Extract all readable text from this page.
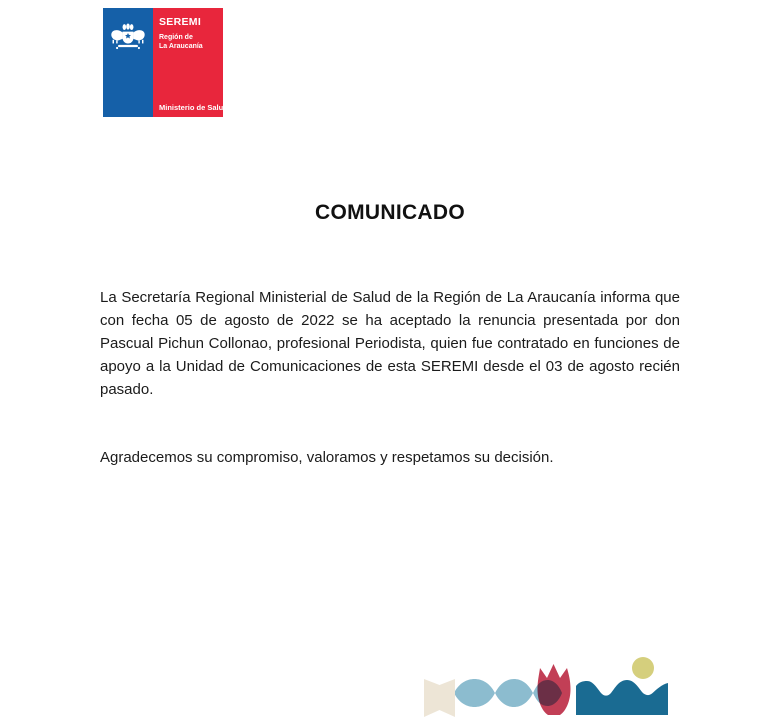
SEREMI
Región de
La Araucanía
Ministerio de Salud
COMUNICADO

La Secretaría Regional Ministerial de Salud de la Región de La Araucanía informa que con fecha 05 de agosto de 2022 se ha aceptado la renuncia presentada por don Pascual Pichun Collonao, profesional Periodista, quien fue contratado en funciones de apoyo a la Unidad de Comunicaciones de esta SEREMI desde el 03 de agosto recién pasado.

Agradecemos su compromiso, valoramos y respetamos su decisión.
